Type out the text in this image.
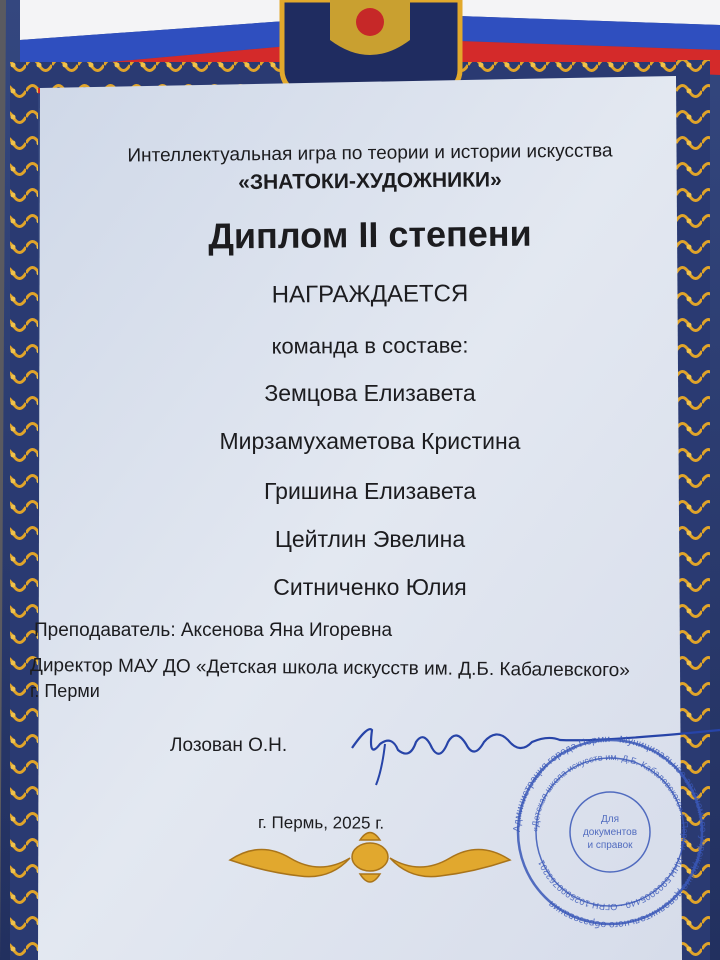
Интеллектуальная игра по теории и истории искусства
«ЗНАТОКИ-ХУДОЖНИКИ»
Диплом II степени
НАГРАЖДАЕТСЯ
команда в составе:
Земцова Елизавета
Мирзамухаметова Кристина
Гришина Елизавета
Цейтлин Эвелина
Ситниченко Юлия
Преподаватель: Аксенова Яна Игоревна
Директор МАУ ДО «Детская школа искусств им. Д.Б. Кабалевского»
г. Перми
Лозован О.Н.
г. Пермь, 2025 г.	Администрация города Перми · Муниципальное автономное учреждение дополнительного образования
«Детская школа искусств им. Д.Б. Кабалевского» г. Перми · ИНН 5903005440 · ОГРН 1025900763201
Для
документов
и справок
